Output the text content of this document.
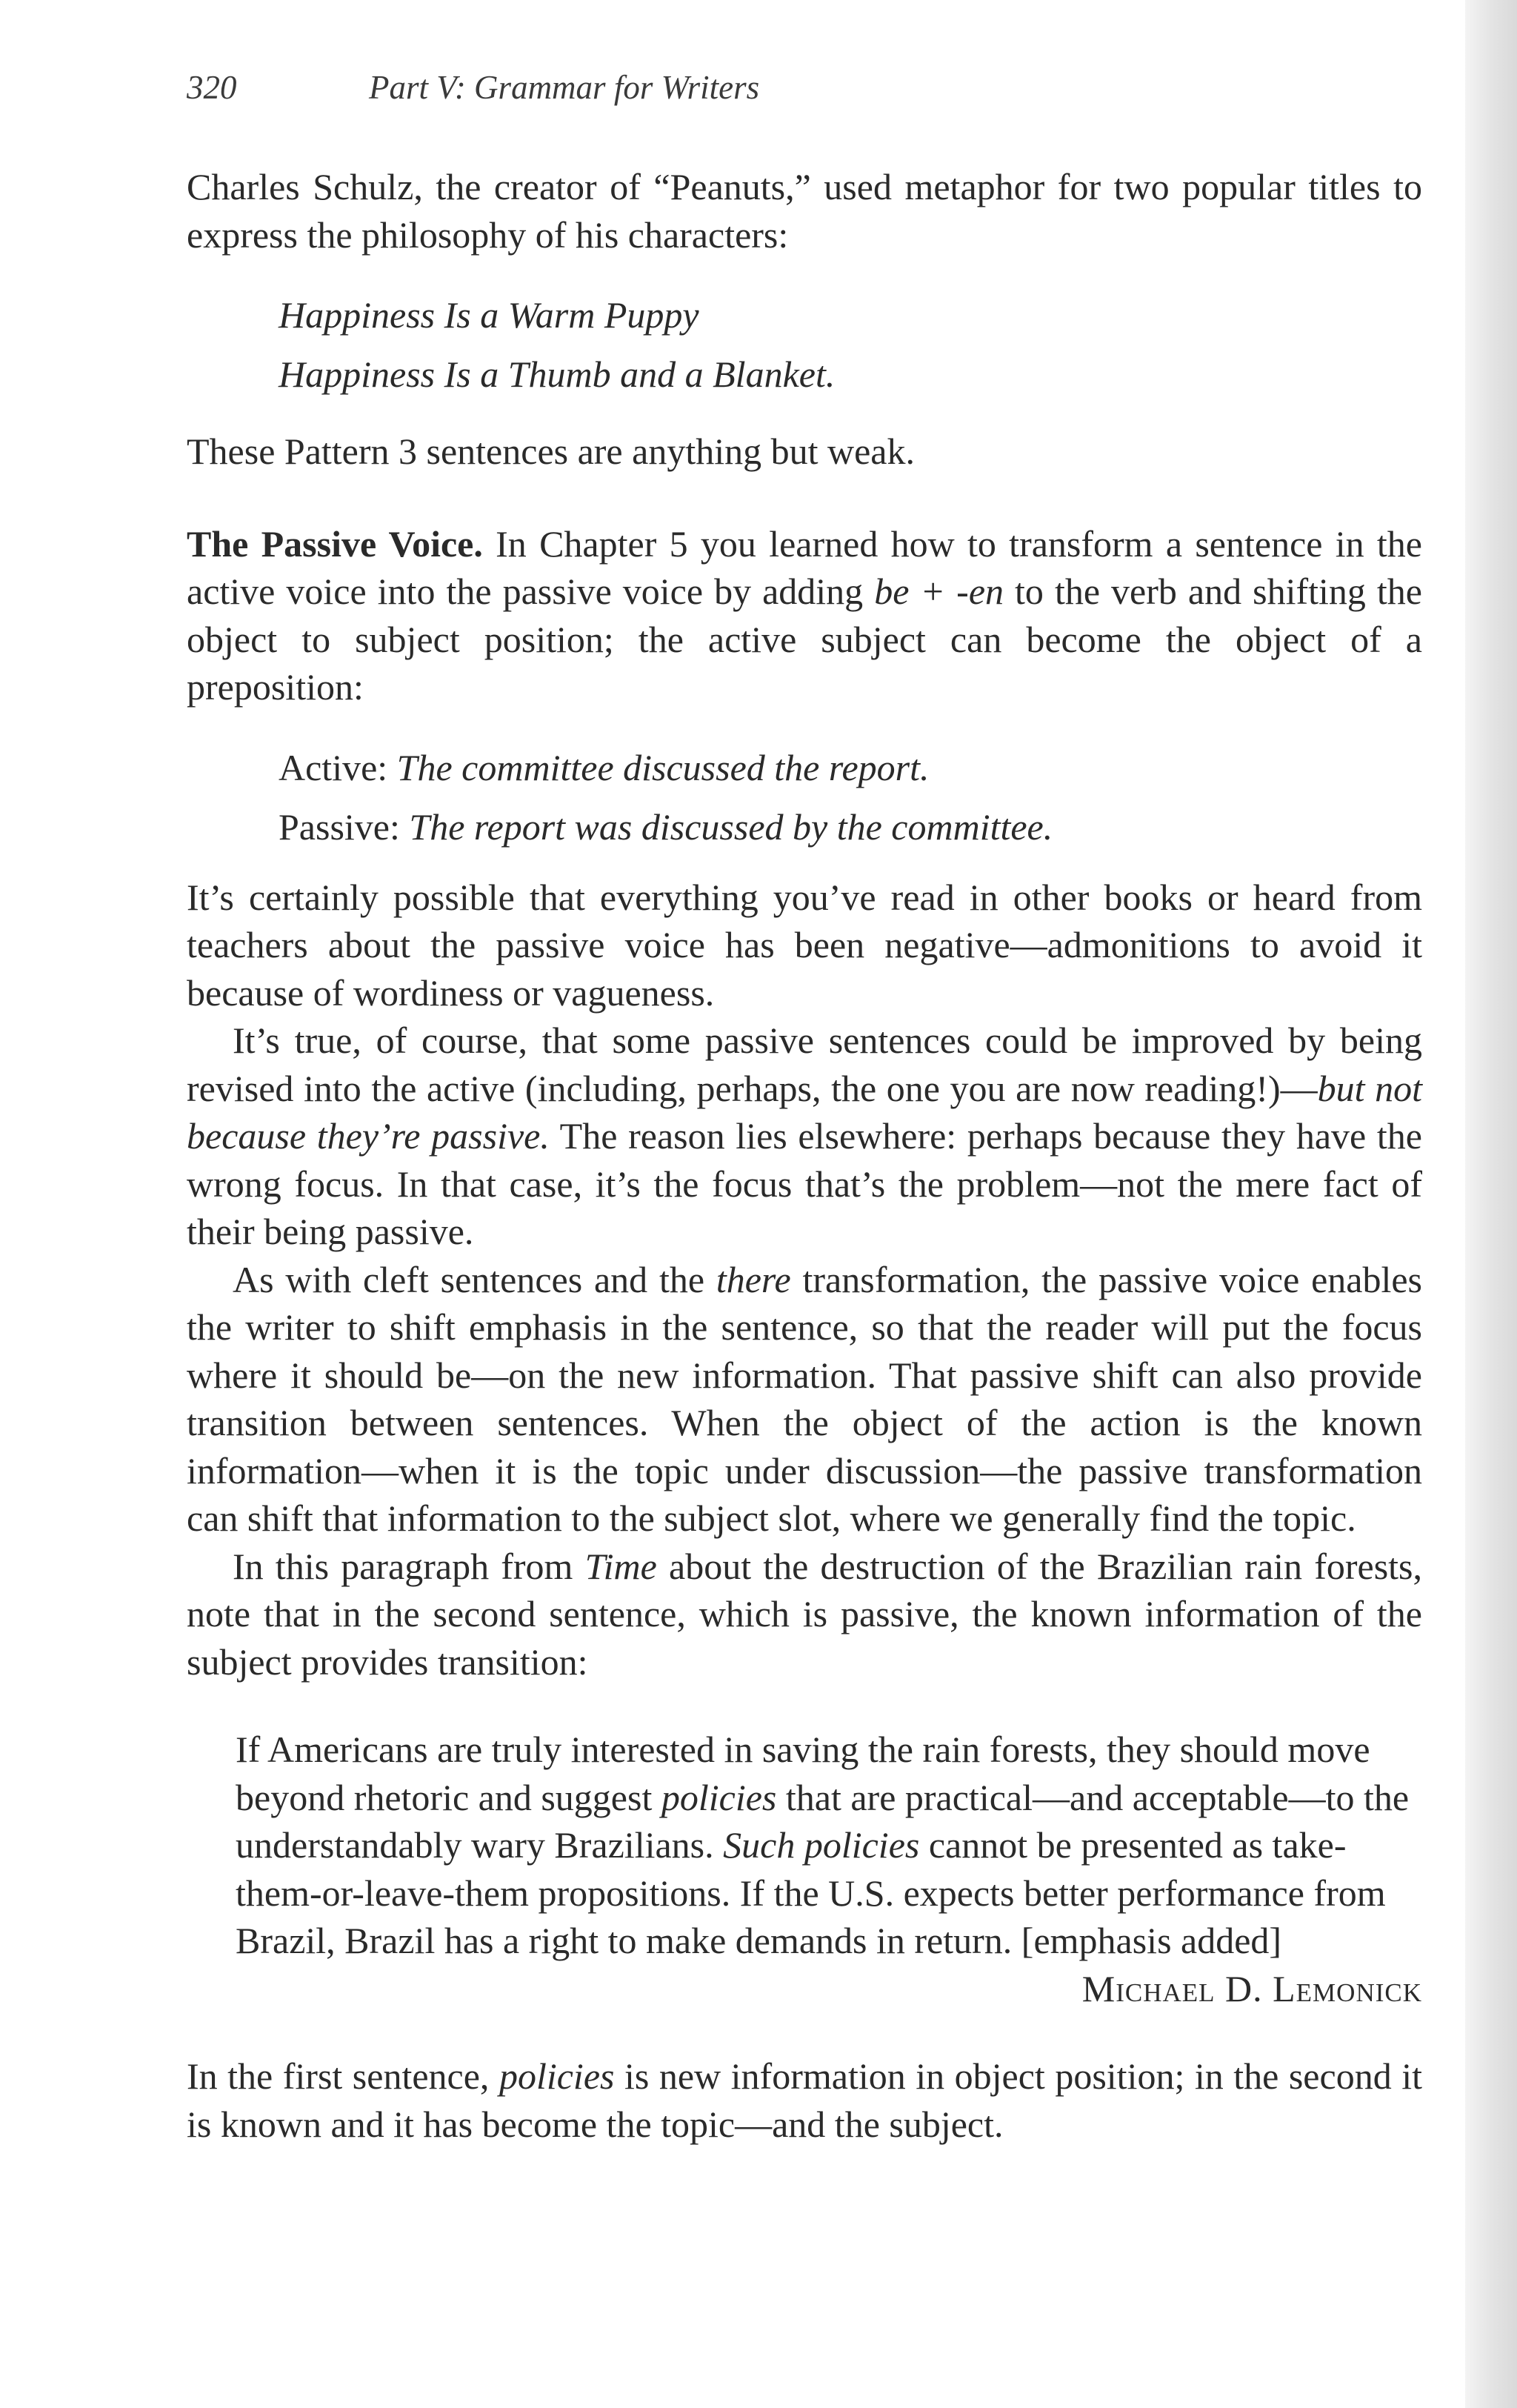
320	Part V: Grammar for Writers

Charles Schulz, the creator of “Peanuts,” used metaphor for two popular titles to express the philosophy of his characters:

Happiness Is a Warm Puppy
Happiness Is a Thumb and a Blanket.

These Pattern 3 sentences are anything but weak.

The Passive Voice. In Chapter 5 you learned how to transform a sentence in the active voice into the passive voice by adding be + -en to the verb and shifting the object to subject position; the active subject can become the object of a preposition:

Active: The committee discussed the report.
Passive: The report was discussed by the committee.

It’s certainly possible that everything you’ve read in other books or heard from teachers about the passive voice has been negative—admonitions to avoid it because of wordiness or vagueness.

It’s true, of course, that some passive sentences could be improved by being revised into the active (including, perhaps, the one you are now reading!)—but not because they’re passive. The reason lies elsewhere: perhaps because they have the wrong focus. In that case, it’s the focus that’s the problem—not the mere fact of their being passive.

As with cleft sentences and the there transformation, the passive voice enables the writer to shift emphasis in the sentence, so that the reader will put the focus where it should be—on the new information. That passive shift can also provide transition between sentences. When the object of the action is the known information—when it is the topic under discussion—the passive transformation can shift that information to the subject slot, where we generally find the topic.

In this paragraph from Time about the destruction of the Brazilian rain forests, note that in the second sentence, which is passive, the known information of the subject provides transition:

If Americans are truly interested in saving the rain forests, they should move beyond rhetoric and suggest policies that are practical—and acceptable—to the understandably wary Brazilians. Such policies cannot be presented as take-them-or-leave-them propositions. If the U.S. expects better performance from Brazil, Brazil has a right to make demands in return. [emphasis added]
Michael D. Lemonick

In the first sentence, policies is new information in object position; in the second it is known and it has become the topic—and the subject.
